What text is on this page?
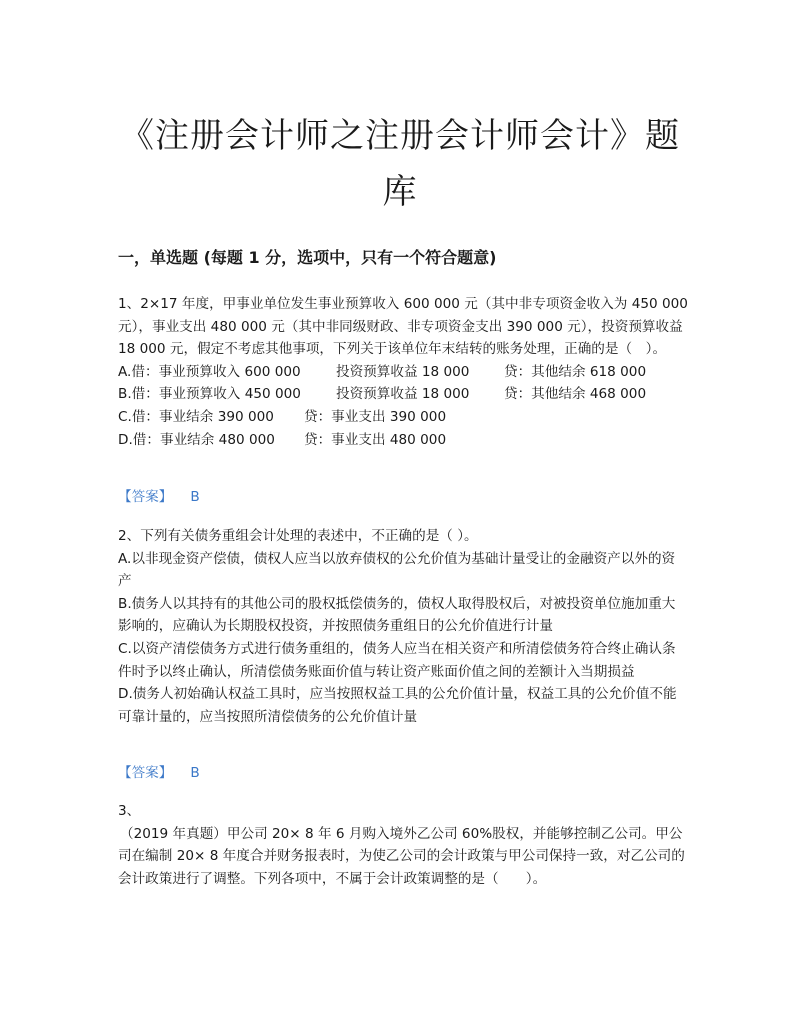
《注册会计师之注册会计师会计》题库
一，单选题 (每题 1 分，选项中，只有一个符合题意)

1、2×17 年度，甲事业单位发生事业预算收入 600 000 元（其中非专项资金收入为 450 000元），事业支出 480 000 元（其中非同级财政、非专项资金支出 390 000 元），投资预算收益 18 000 元，假定不考虑其他事项，下列关于该单位年末结转的账务处理，正确的是（　）。

A.借：事业预算收入 600 000	投资预算收益 18 000	贷：其他结余 618 000
B.借：事业预算收入 450 000	投资预算收益 18 000	贷：其他结余 468 000
C.借：事业结余 390 000	贷：事业支出 390 000
D.借：事业结余 480 000	贷：事业支出 480 000
【答案】 B

2、下列有关债务重组会计处理的表述中，不正确的是（ ）。

A.以非现金资产偿债，债权人应当以放弃债权的公允价值为基础计量受让的金融资产以外的资产

B.债务人以其持有的其他公司的股权抵偿债务的，债权人取得股权后，对被投资单位施加重大影响的，应确认为长期股权投资，并按照债务重组日的公允价值进行计量

C.以资产清偿债务方式进行债务重组的，债务人应当在相关资产和所清偿债务符合终止确认条件时予以终止确认，所清偿债务账面价值与转让资产账面价值之间的差额计入当期损益

D.债务人初始确认权益工具时，应当按照权益工具的公允价值计量，权益工具的公允价值不能可靠计量的，应当按照所清偿债务的公允价值计量

【答案】 B

3、

（2019 年真题）甲公司 20× 8 年 6 月购入境外乙公司 60%股权，并能够控制乙公司。甲公司在编制 20× 8 年度合并财务报表时，为使乙公司的会计政策与甲公司保持一致，对乙公司的会计政策进行了调整。下列各项中，不属于会计政策调整的是（　　）。
